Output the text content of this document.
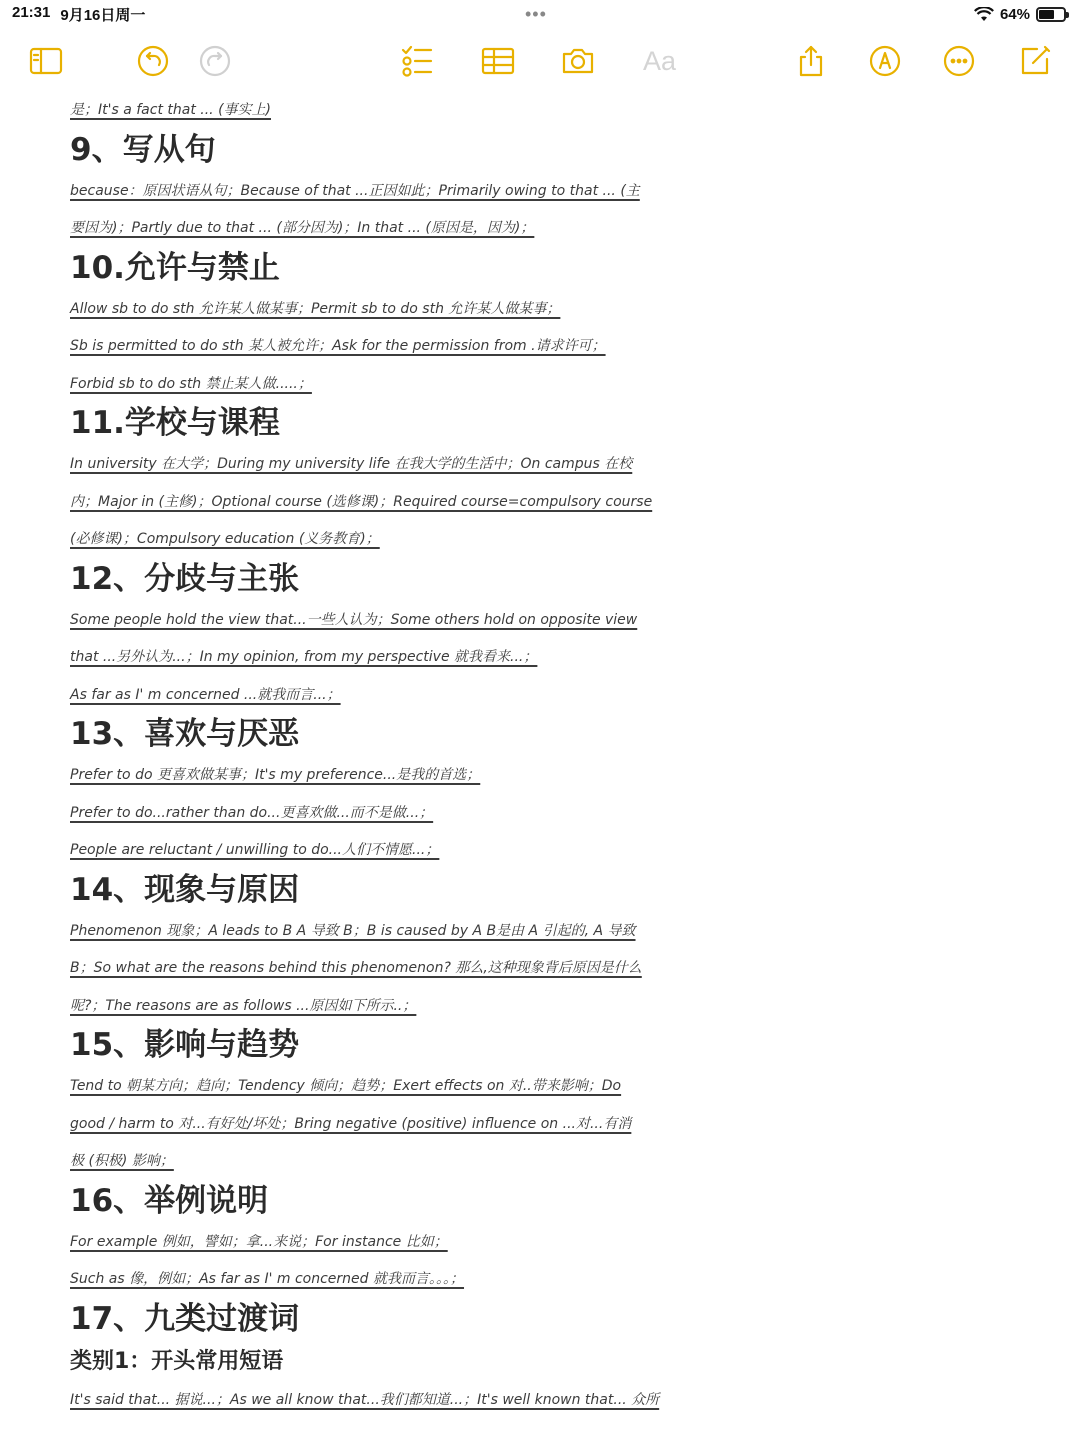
21:31 9月16日周一	•••	64%
Aa
是；It's a fact that ... (事实上)
9、写从句
because：原因状语从句；Because of that ...正因如此；Primarily owing to that ... (主
要因为)；Partly due to that ... (部分因为)；In that ... (原因是，因为)；
10.允许与禁止
Allow sb to do sth 允许某人做某事；Permit sb to do sth 允许某人做某事；
Sb is permitted to do sth 某人被允许；Ask for the permission from .请求许可；
Forbid sb to do sth 禁止某人做.....；
11.学校与课程
In university 在大学；During my university life 在我大学的生活中；On campus 在校
内；Major in (主修)；Optional course (选修课)；Required course=compulsory course
(必修课)；Compulsory education (义务教育)；
12、分歧与主张
Some people hold the view that...一些人认为；Some others hold on opposite view
that ...另外认为...；In my opinion, from my perspective 就我看来...；
As far as I' m concerned ...就我而言...；
13、喜欢与厌恶
Prefer to do 更喜欢做某事；It's my preference...是我的首选；
Prefer to do...rather than do...更喜欢做...而不是做...；
People are reluctant / unwilling to do...人们不情愿...；
14、现象与原因
Phenomenon 现象；A leads to B A 导致 B；B is caused by A B是由 A 引起的, A 导致
B；So what are the reasons behind this phenomenon? 那么,这种现象背后原因是什么
呢?；The reasons are as follows ...原因如下所示..；
15、影响与趋势
Tend to 朝某方向；趋向；Tendency 倾向；趋势；Exert effects on 对..带来影响；Do
good / harm to 对...有好处/坏处；Bring negative (positive) influence on ...对...有消
极 (积极) 影响；
16、举例说明
For example 例如，譬如；拿...来说；For instance 比如；
Such as 像，例如；As far as I' m concerned 就我而言。。。；
17、九类过渡词
类别1：开头常用短语
It's said that... 据说...；As we all know that...我们都知道...；It's well known that... 众所
